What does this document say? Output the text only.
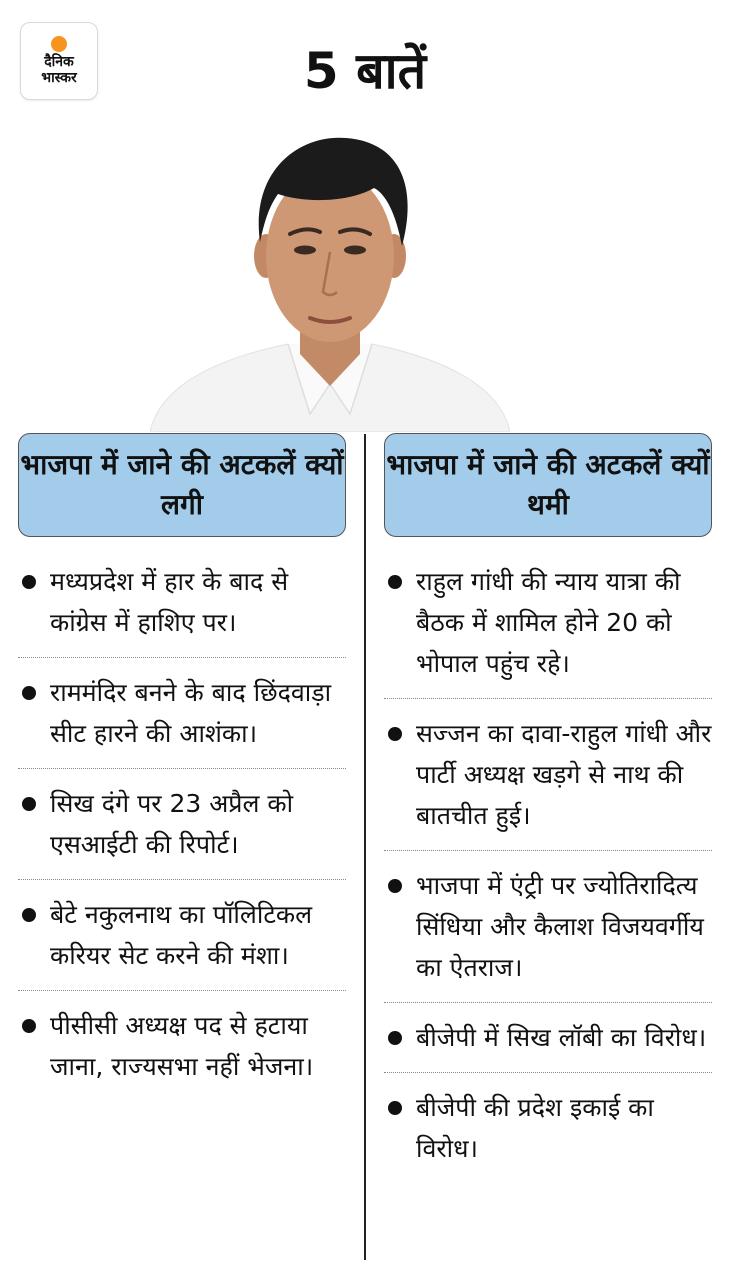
दैनिक
भास्कर	5 बातें
भाजपा में जाने की अटकलें क्यों लगी
मध्यप्रदेश में हार के बाद से कांग्रेस में हाशिए पर।
राममंदिर बनने के बाद छिंदवाड़ा सीट हारने की आशंका।
सिख दंगे पर 23 अप्रैल को एसआईटी की रिपोर्ट।
बेटे नकुलनाथ का पॉलिटिकल करियर सेट करने की मंशा।
पीसीसी अध्यक्ष पद से हटाया जाना, राज्यसभा नहीं भेजना।
भाजपा में जाने की अटकलें क्यों थमी
राहुल गांधी की न्याय यात्रा की बैठक में शामिल होने 20 को भोपाल पहुंच रहे।
सज्जन का दावा-राहुल गांधी और पार्टी अध्यक्ष खड़गे से नाथ की बातचीत हुई।
भाजपा में एंट्री पर ज्योतिरादित्य सिंधिया और कैलाश विजयवर्गीय का ऐतराज।
बीजेपी में सिख लॉबी का विरोध।
बीजेपी की प्रदेश इकाई का विरोध।
